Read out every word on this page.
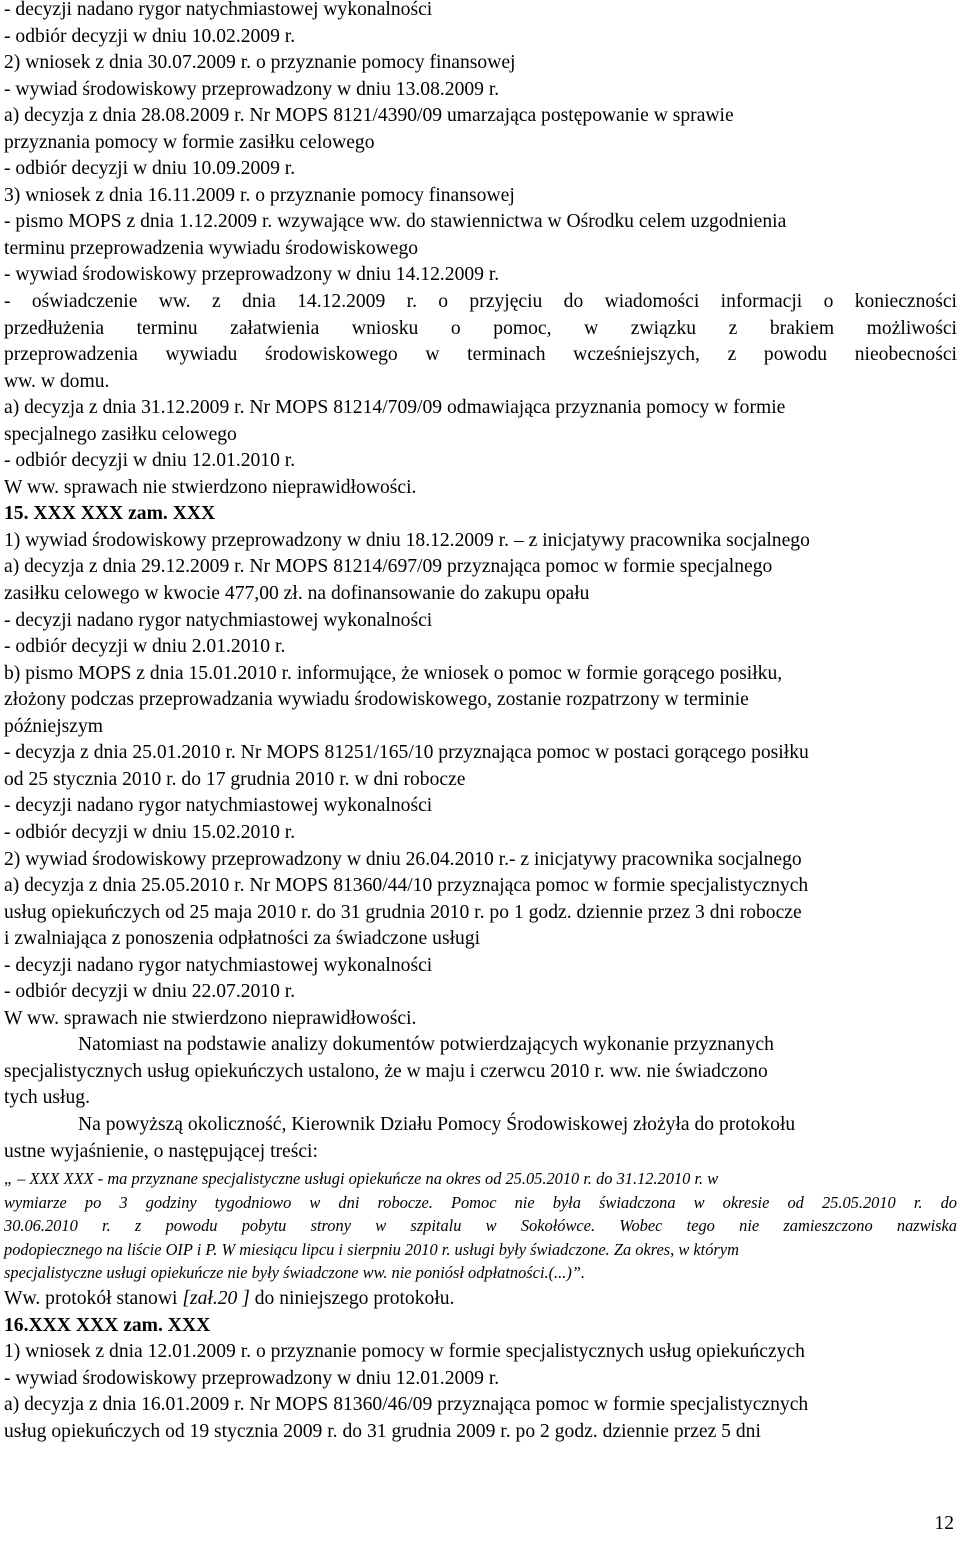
- decyzji nadano rygor natychmiastowej wykonalności
- odbiór decyzji w dniu 10.02.2009 r.
2) wniosek z dnia 30.07.2009 r. o przyznanie pomocy finansowej
- wywiad środowiskowy przeprowadzony w dniu 13.08.2009 r.
a) decyzja z dnia 28.08.2009 r. Nr MOPS 8121/4390/09 umarzająca postępowanie w sprawie
przyznania pomocy w formie zasiłku celowego
- odbiór decyzji w dniu 10.09.2009 r.
3) wniosek z dnia 16.11.2009 r. o przyznanie pomocy finansowej
- pismo MOPS z dnia 1.12.2009 r. wzywające ww. do stawiennictwa w Ośrodku celem uzgodnienia
terminu przeprowadzenia wywiadu środowiskowego
- wywiad środowiskowy przeprowadzony w dniu 14.12.2009 r.
- oświadczenie ww. z dnia 14.12.2009 r. o przyjęciu do wiadomości informacji o konieczności
przedłużenia terminu załatwienia wniosku o pomoc, w związku z brakiem możliwości
przeprowadzenia wywiadu środowiskowego w terminach wcześniejszych, z powodu nieobecności
ww. w domu.
a) decyzja z dnia 31.12.2009 r. Nr MOPS 81214/709/09 odmawiająca przyznania pomocy w formie
specjalnego zasiłku celowego
- odbiór decyzji w dniu 12.01.2010 r.
W ww. sprawach nie stwierdzono nieprawidłowości.
15. XXX XXX zam. XXX
1) wywiad środowiskowy przeprowadzony w dniu 18.12.2009 r. – z inicjatywy pracownika socjalnego
a) decyzja z dnia 29.12.2009 r. Nr MOPS 81214/697/09 przyznająca pomoc w formie specjalnego
zasiłku celowego w kwocie 477,00 zł. na dofinansowanie do zakupu opału
- decyzji nadano rygor natychmiastowej wykonalności
- odbiór decyzji w dniu 2.01.2010 r.
b) pismo MOPS z dnia 15.01.2010 r. informujące, że wniosek o pomoc w formie gorącego posiłku,
złożony podczas przeprowadzania wywiadu środowiskowego, zostanie rozpatrzony w terminie
późniejszym
- decyzja z dnia 25.01.2010 r. Nr MOPS 81251/165/10 przyznająca pomoc w postaci gorącego posiłku
od 25 stycznia 2010 r. do 17 grudnia 2010 r. w dni robocze
- decyzji nadano rygor natychmiastowej wykonalności
- odbiór decyzji w dniu 15.02.2010 r.
2) wywiad środowiskowy przeprowadzony w dniu 26.04.2010 r.- z inicjatywy pracownika socjalnego
a) decyzja z dnia 25.05.2010 r. Nr MOPS 81360/44/10 przyznająca pomoc w formie specjalistycznych
usług opiekuńczych od 25 maja 2010 r. do 31 grudnia 2010 r. po 1 godz. dziennie przez 3 dni robocze
i zwalniająca z ponoszenia odpłatności za świadczone usługi
- decyzji nadano rygor natychmiastowej wykonalności
- odbiór decyzji w dniu 22.07.2010 r.
W ww. sprawach nie stwierdzono nieprawidłowości.
Natomiast na podstawie analizy dokumentów potwierdzających wykonanie przyznanych
specjalistycznych usług opiekuńczych ustalono, że w maju i czerwcu 2010 r. ww. nie świadczono
tych usług.
Na powyższą okoliczność, Kierownik Działu Pomocy Środowiskowej złożyła do protokołu
ustne wyjaśnienie, o następującej treści:
„ – XXX XXX - ma przyznane specjalistyczne usługi opiekuńcze na okres od 25.05.2010 r. do 31.12.2010 r. w
wymiarze po 3 godziny tygodniowo w dni robocze. Pomoc nie była świadczona w okresie od 25.05.2010 r. do
30.06.2010 r. z powodu pobytu strony w szpitalu w Sokołówce. Wobec tego nie zamieszczono nazwiska
podopiecznego na liście OIP i P. W miesiącu lipcu i sierpniu 2010 r. usługi były świadczone. Za okres, w którym
specjalistyczne usługi opiekuńcze nie były świadczone ww. nie poniósł odpłatności.(...)”.
Ww. protokół stanowi [zał.20 ] do niniejszego protokołu.
16.XXX XXX zam. XXX
1) wniosek z dnia 12.01.2009 r. o przyznanie pomocy w formie specjalistycznych usług opiekuńczych
- wywiad środowiskowy przeprowadzony w dniu 12.01.2009 r.
a) decyzja z dnia 16.01.2009 r. Nr MOPS 81360/46/09 przyznająca pomoc w formie specjalistycznych
usług opiekuńczych od 19 stycznia 2009 r. do 31 grudnia 2009 r. po 2 godz. dziennie przez 5 dni
12
